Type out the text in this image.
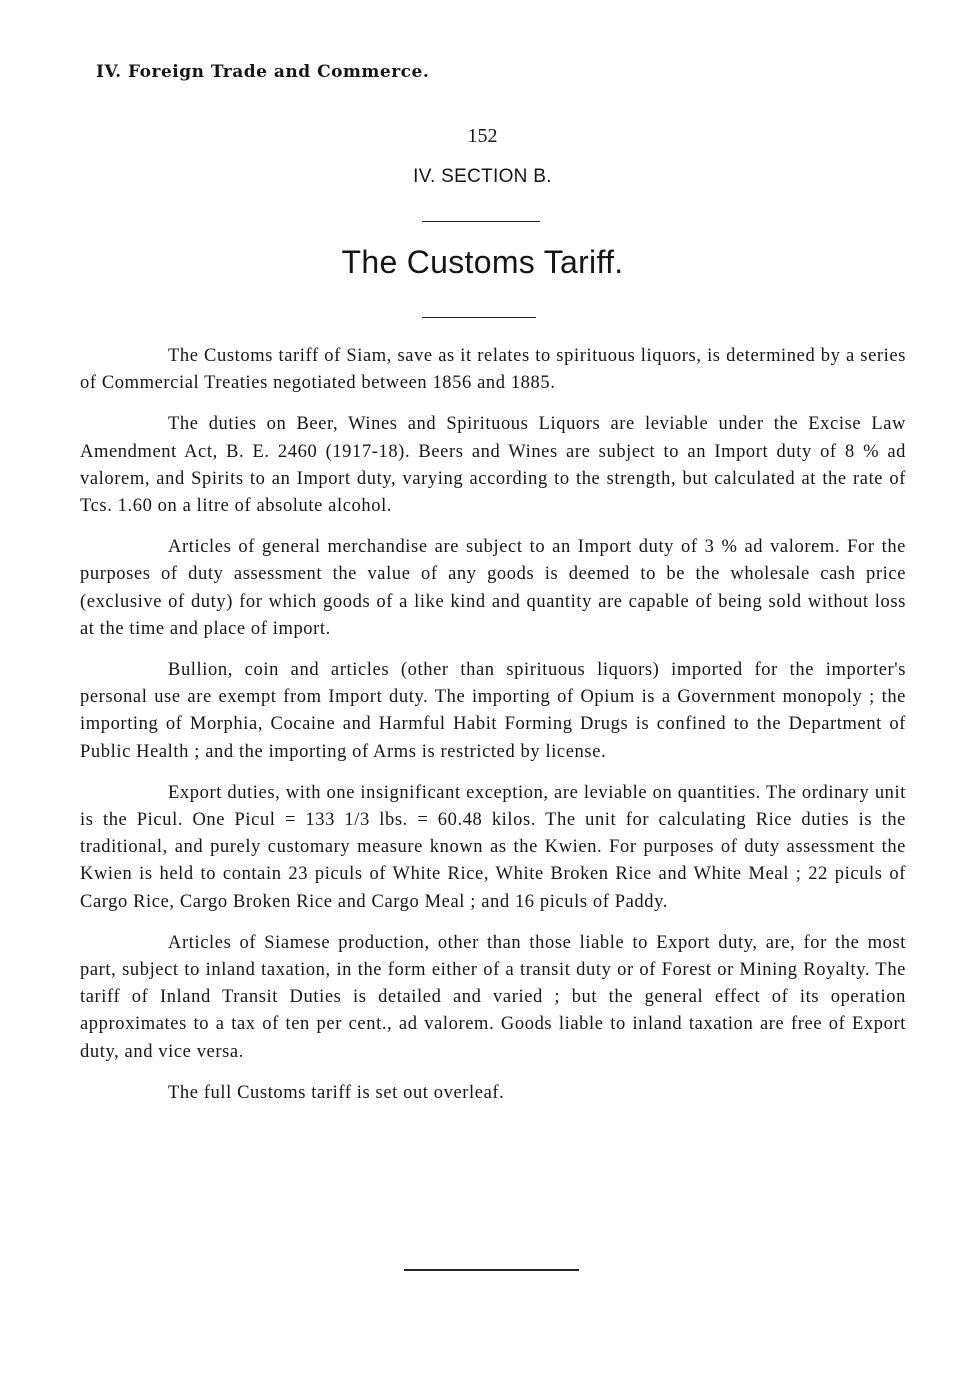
IV. Foreign Trade and Commerce.
152
IV. SECTION B.
The Customs Tariff.

The Customs tariff of Siam, save as it relates to spirituous liquors, is determined by a series of Commercial Treaties negotiated between 1856 and 1885.

The duties on Beer, Wines and Spirituous Liquors are leviable under the Excise Law Amendment Act, B. E. 2460 (1917-18). Beers and Wines are subject to an Import duty of 8 % ad valorem, and Spirits to an Import duty, varying according to the strength, but calculated at the rate of Tcs. 1.60 on a litre of absolute alcohol.

Articles of general merchandise are subject to an Import duty of 3 % ad valorem. For the purposes of duty assessment the value of any goods is deemed to be the wholesale cash price (exclusive of duty) for which goods of a like kind and quantity are capable of being sold without loss at the time and place of import.

Bullion, coin and articles (other than spirituous liquors) imported for the importer's personal use are exempt from Import duty. The importing of Opium is a Government monopoly ; the importing of Morphia, Cocaine and Harmful Habit Forming Drugs is confined to the Department of Public Health ; and the importing of Arms is restricted by license.

Export duties, with one insignificant exception, are leviable on quantities. The ordinary unit is the Picul. One Picul = 133 1/3 lbs. = 60.48 kilos. The unit for calculating Rice duties is the traditional, and purely customary measure known as the Kwien. For purposes of duty assessment the Kwien is held to contain 23 piculs of White Rice, White Broken Rice and White Meal ; 22 piculs of Cargo Rice, Cargo Broken Rice and Cargo Meal ; and 16 piculs of Paddy.

Articles of Siamese production, other than those liable to Export duty, are, for the most part, subject to inland taxation, in the form either of a transit duty or of Forest or Mining Royalty. The tariff of Inland Transit Duties is detailed and varied ; but the general effect of its operation approximates to a tax of ten per cent., ad valorem. Goods liable to inland taxation are free of Export duty, and vice versa.

The full Customs tariff is set out overleaf.
